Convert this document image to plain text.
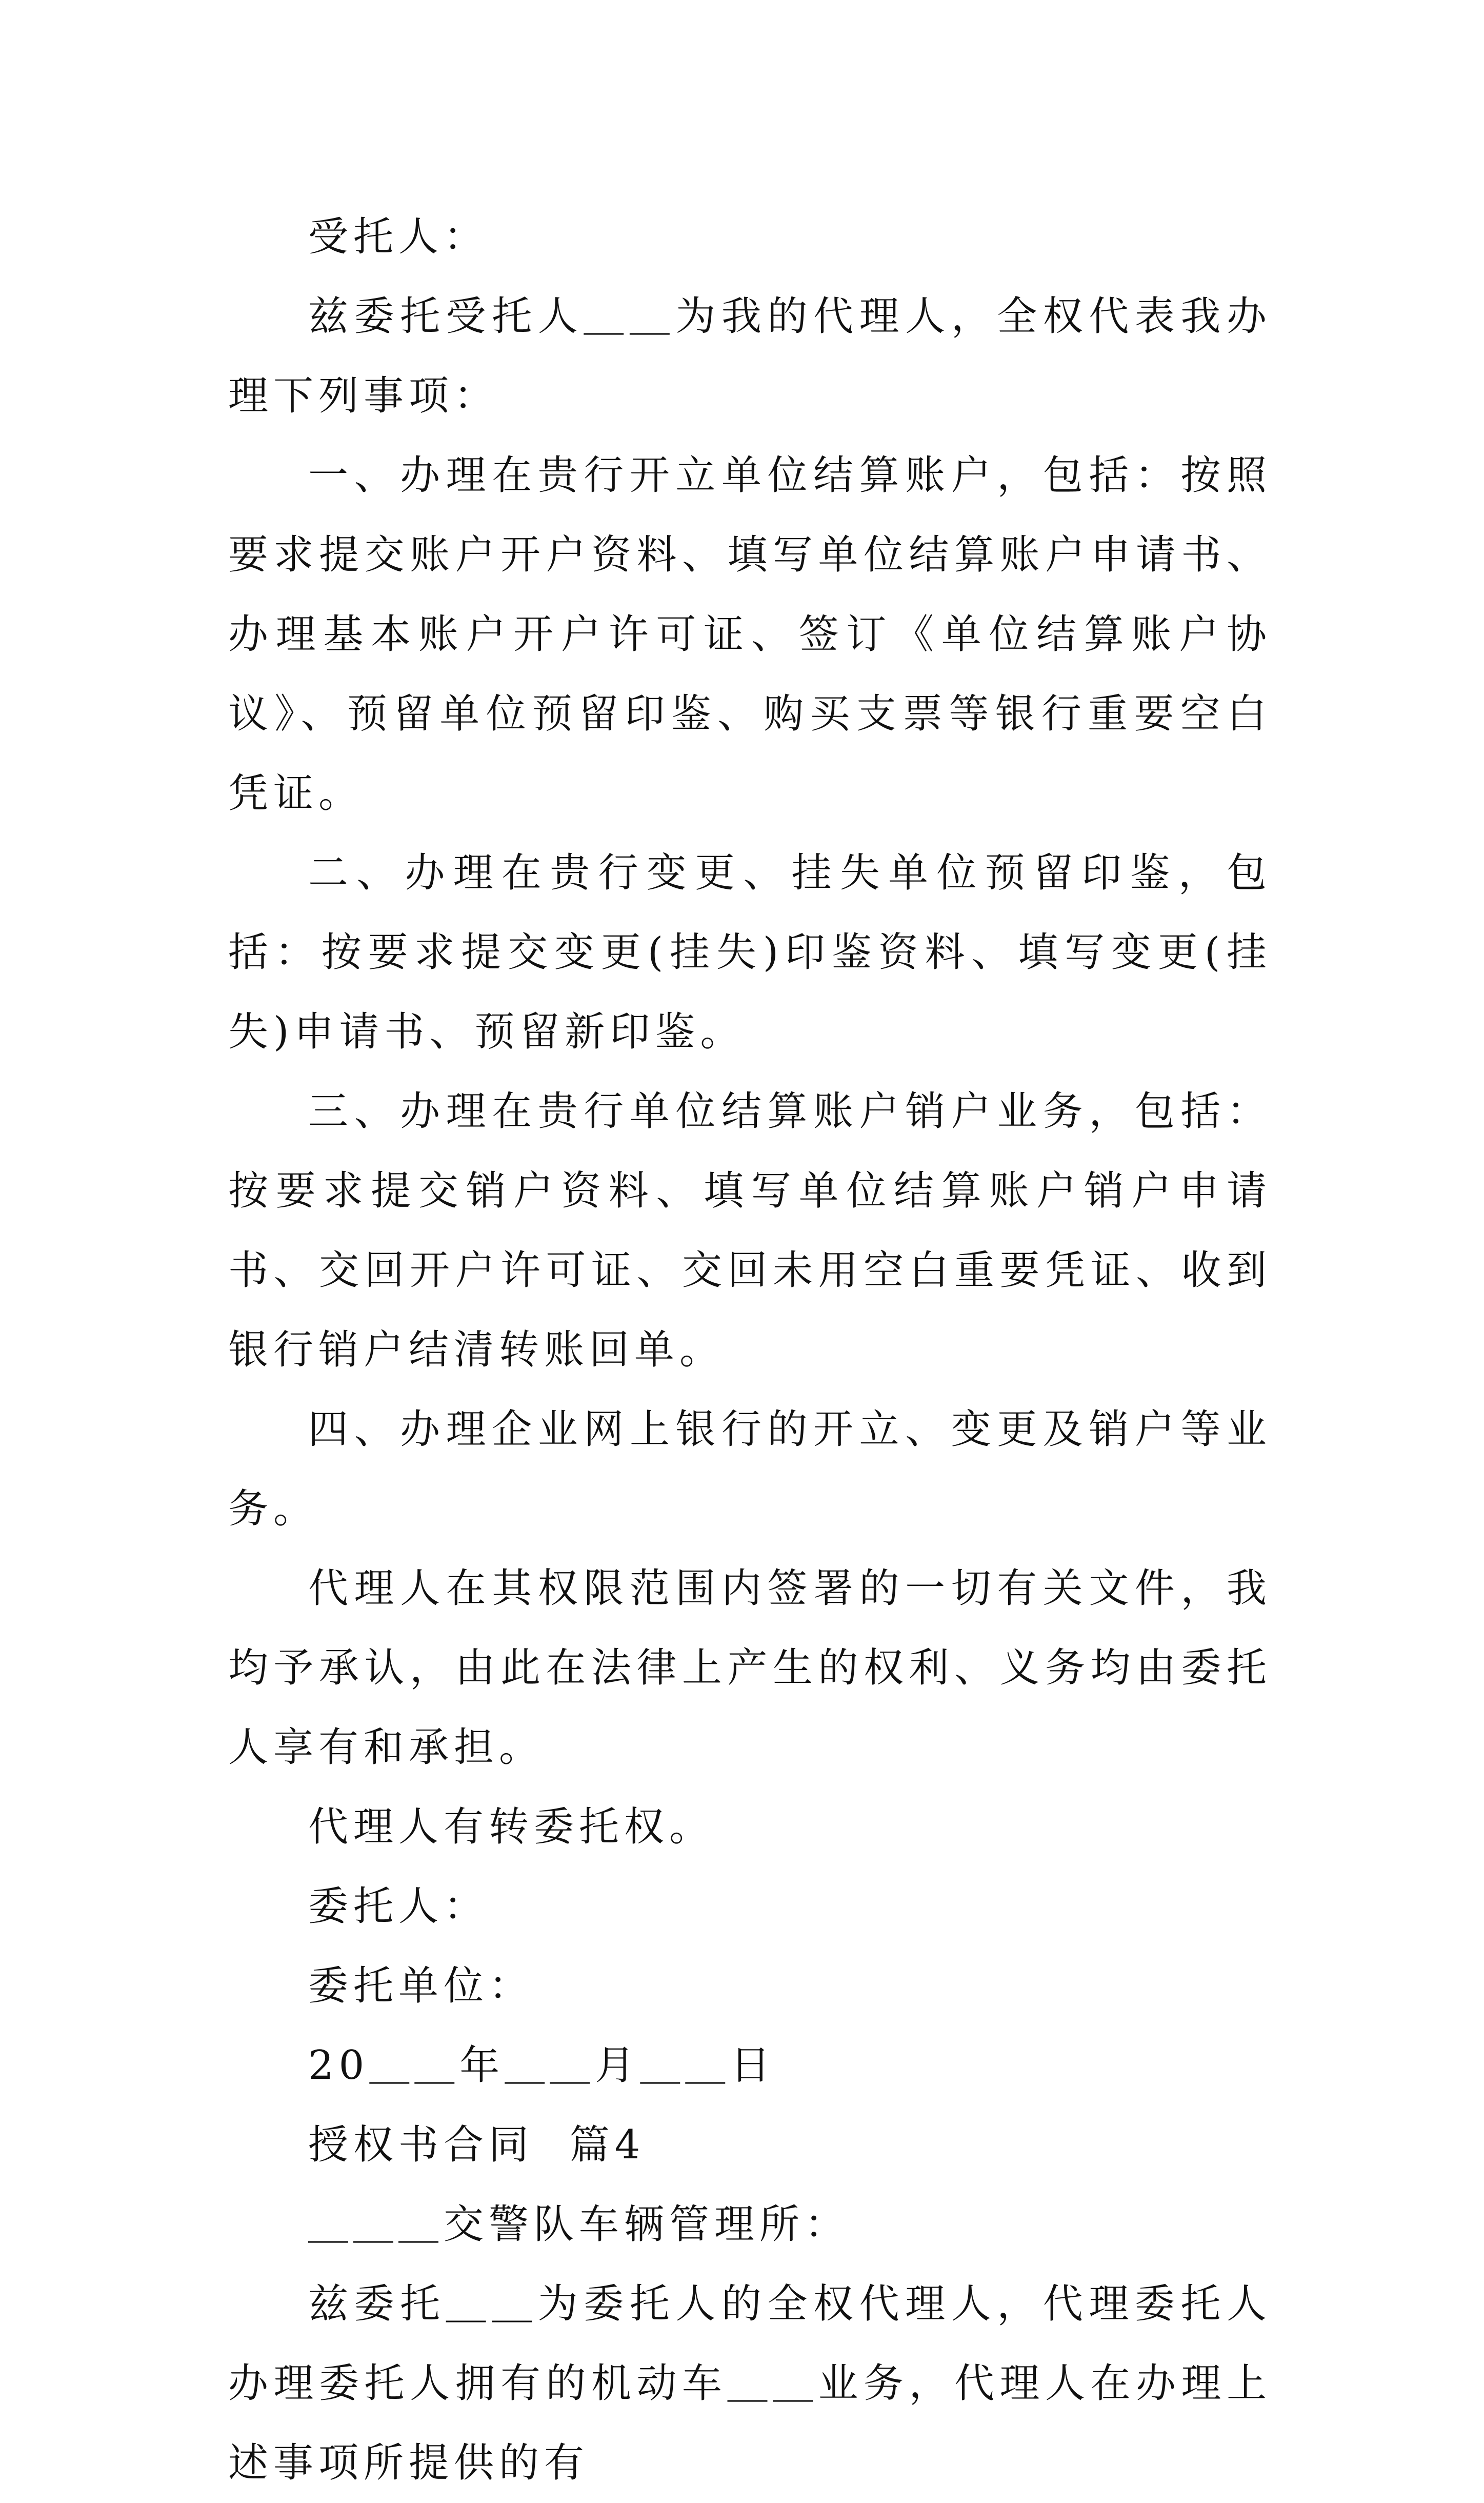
受托人：

兹委托受托人＿＿为我的代理人，全权代表我办理下列事项：

一、办理在贵行开立单位结算账户，包括：按照要求提交账户开户资料、填写单位结算账户申请书、办理基本账户开户许可证、签订《单位结算账户协议》、预留单位预留印鉴、购买支票等银行重要空白凭证。

二、办理在贵行变更、挂失单位预留印鉴，包括：按要求提交变更(挂失)印鉴资料、填写变更(挂失)申请书、预留新印鉴。

三、办理在贵行单位结算账户销户业务，包括：按要求提交销户资料、填写单位结算账户销户申请书、交回开户许可证、交回未用空白重要凭证、收到银行销户结清转账回单。

四、办理企业网上银行的开立、变更及销户等业务。

代理人在其权限范围内签署的一切有关文件，我均予承认，由此在法律上产生的权利、义务均由委托人享有和承担。

代理人有转委托权。

委托人：

委托单位：

20＿＿年＿＿月＿＿日

授权书合同  篇4

＿＿＿交警队车辆管理所：

兹委托＿＿为委托人的全权代理人，代理委托人办理委托人拥有的机动车＿＿业务，代理人在办理上述事项所提供的有
